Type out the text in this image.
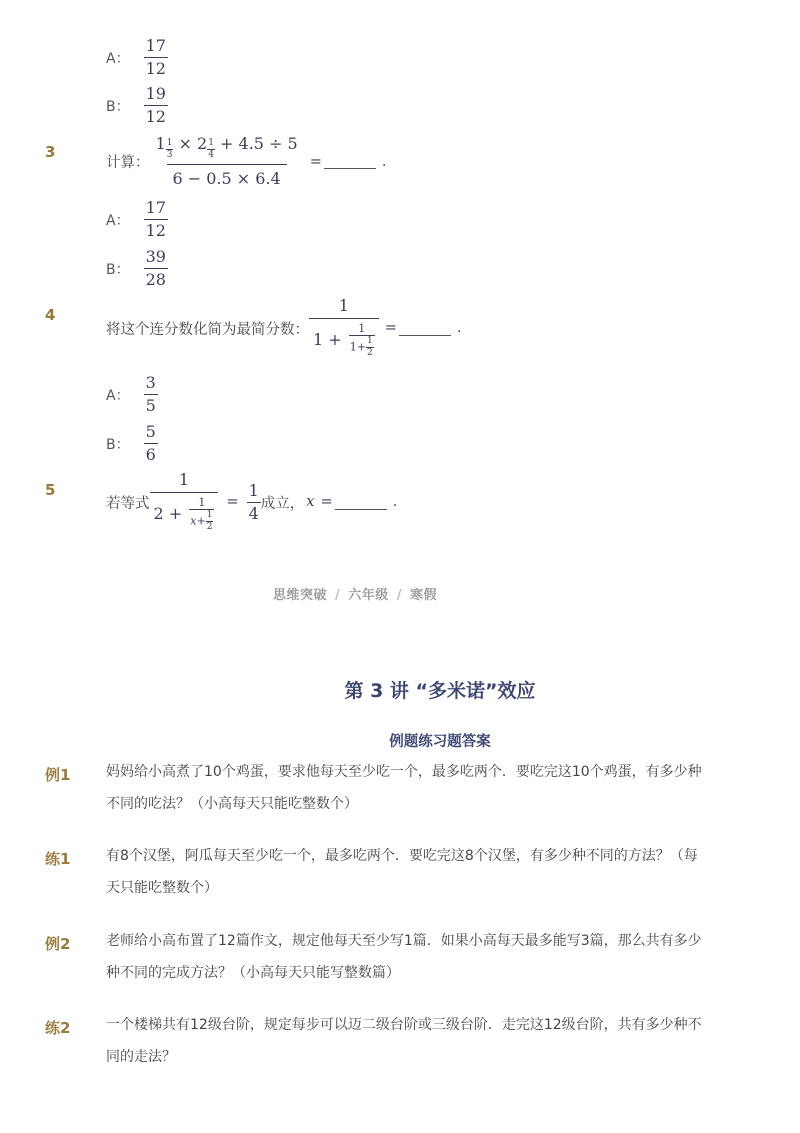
A： $\frac{17}{12}$
B： $\frac{19}{12}$
3
计算： $\frac{1 \frac{1}{3} \times 2 \frac{1}{4} + 4.5 \div 5}{6 - 0.5 \times 6.4}$ =	.
A： $\frac{17}{12}$
B： $\frac{39}{28}$
4
将这个连分数化简为最简分数： $\frac{1}{1 + \frac{1}{1+ \frac{1}{2}}}$ =	.
A： $\frac{3}{5}$
B： $\frac{5}{6}$
5
若等式 $\frac{1}{2 + \frac{1}{x+ \frac{1}{2}}} = \frac{1}{4}$ 成立， x =	.
思维突破 / 六年级 / 寒假
第 3 讲 “多米诺”效应
例题练习题答案
例1	妈妈给小高煮了10个鸡蛋，要求他每天至少吃一个，最多吃两个．要吃完这10个鸡蛋，有多少种
不同的吃法？（小高每天只能吃整数个）
练1	有8个汉堡，阿瓜每天至少吃一个，最多吃两个．要吃完这8个汉堡，有多少种不同的方法？（每
天只能吃整数个）
例2	老师给小高布置了12篇作文，规定他每天至少写1篇．如果小高每天最多能写3篇，那么共有多少
种不同的完成方法？（小高每天只能写整数篇）
练2	一个楼梯共有12级台阶，规定每步可以迈二级台阶或三级台阶．走完这12级台阶，共有多少种不
同的走法？
